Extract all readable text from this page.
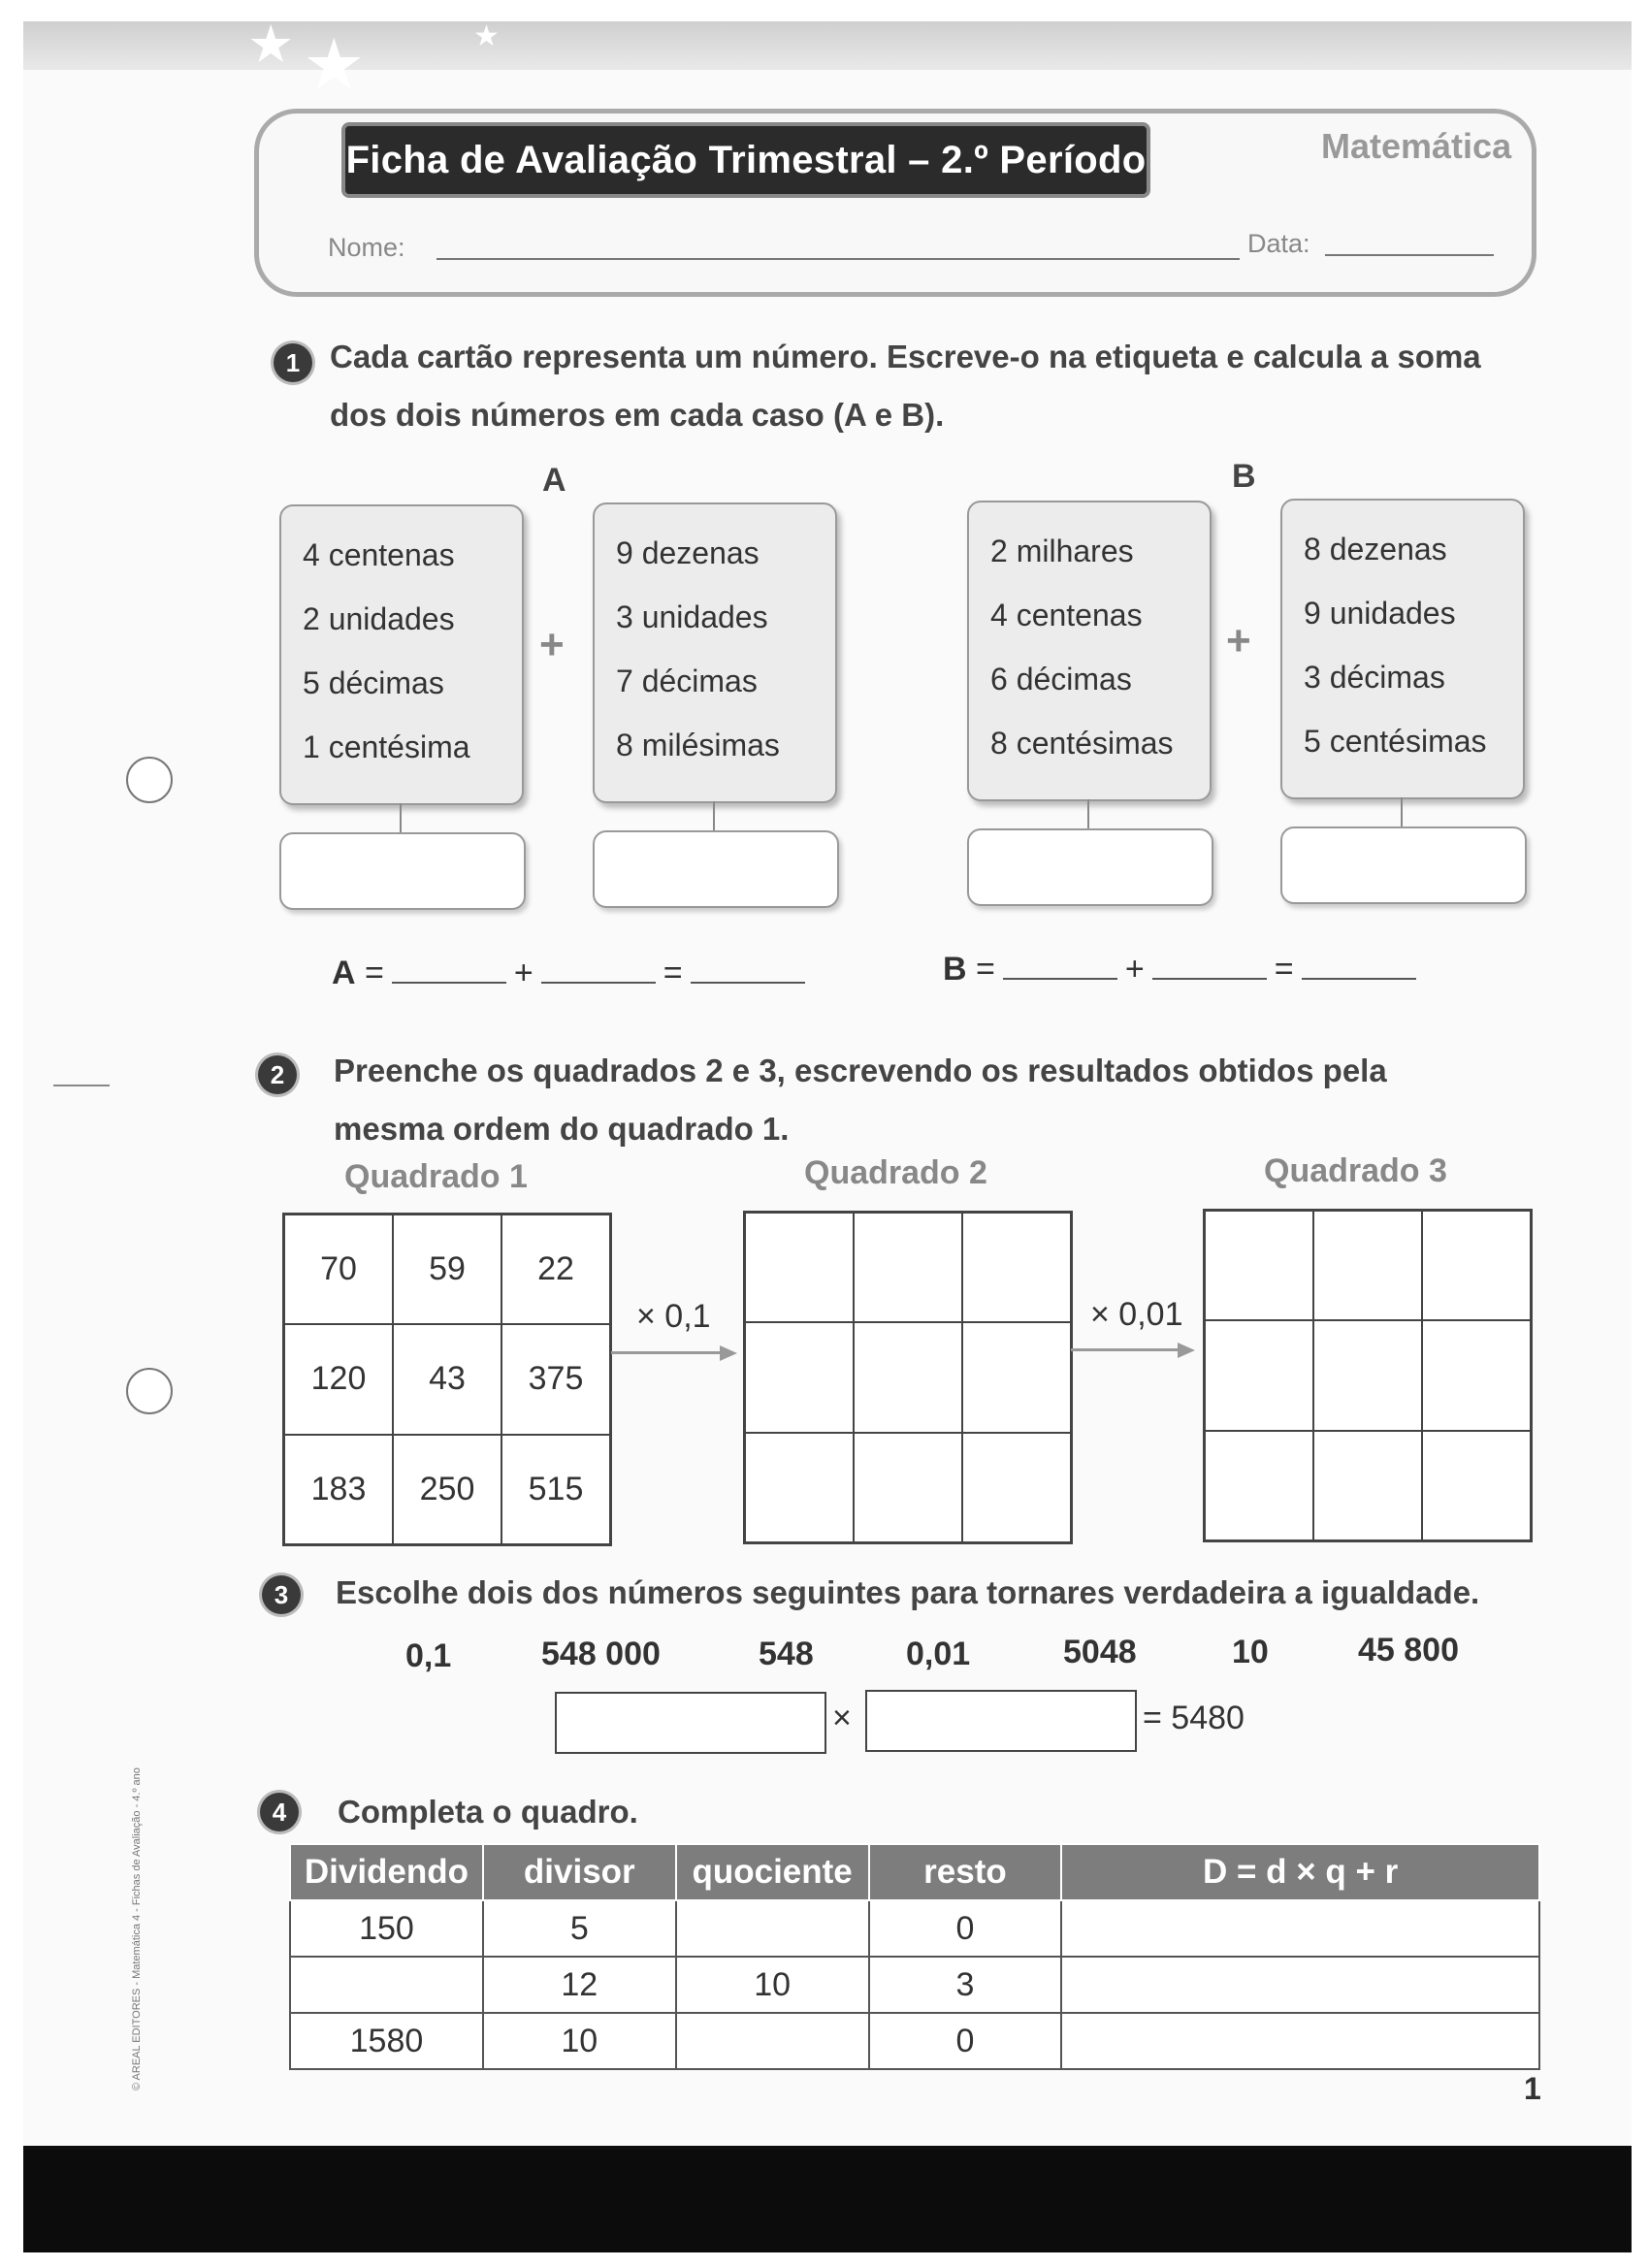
★ ★	★
© AREAL EDITORES - Matemática 4 - Fichas de Avaliação - 4.º ano
Ficha de Avaliação Trimestral – 2.º Período	Matemática
Nome:	Data:
1 Cada cartão representa um número. Escreve-o na etiqueta e calcula a soma
dos dois números em cada caso (A e B).
A	B
4 centenas
2 unidades
5 décimas
1 centésima
+
9 dezenas
3 unidades
7 décimas
8 milésimas
2 milhares
4 centenas
6 décimas
8 centésimas
+
8 dezenas
9 unidades
3 décimas
5 centésimas
A =	+	=	B =	+	=
2	Preenche os quadrados 2 e 3, escrevendo os resultados obtidos pela
mesma ordem do quadrado 1.
Quadrado 1	Quadrado 2	Quadrado 3
70	59	22
120	43	375
183	250	515
× 0,1	× 0,01
3	Escolhe dois dos números seguintes para tornares verdadeira a igualdade.
0,1	548 000	548	0,01	5048	10	45 800
×	= 5480
4	Completa o quadro.
Dividendo	divisor	quociente	resto	D = d × q + r
150	5		0	
	12	10	3	
1580	10		0	
1
